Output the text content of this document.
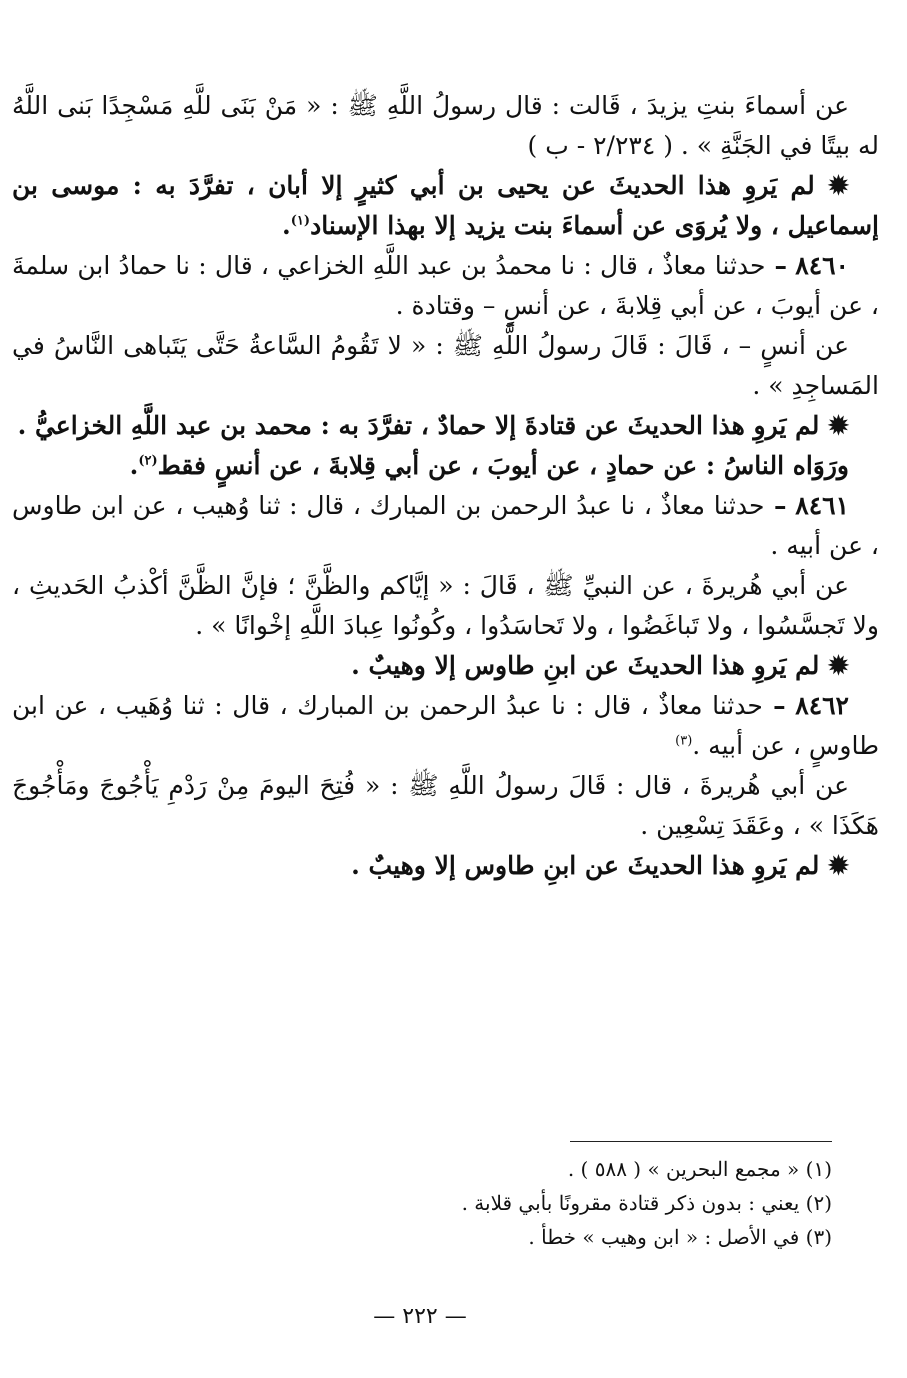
عن أسماءَ بنتِ يزيدَ ، قَالت : قال رسولُ اللَّهِ ﷺ : « مَنْ بَنَى للَّهِ مَسْجِدًا بَنى اللَّهُ له بيتًا في الجَنَّةِ » . ( ٢/٢٣٤ - ب )

✹ لم يَروِ هذا الحديثَ عن يحيى بن أبي كثيرٍ إلا أبان ، تفرَّدَ به : موسى بن إسماعيل ، ولا يُروَى عن أسماءَ بنت يزيد إلا بهذا الإسناد$^{(١)}$.

٨٤٦٠ – حدثنا معاذٌ ، قال : نا محمدُ بن عبد اللَّهِ الخزاعي ، قال : نا حمادُ ابن سلمةَ ، عن أيوبَ ، عن أبي قِلابةَ ، عن أنسٍ – وقتادة .

عن أنسٍ – ، قَالَ : قَالَ رسولُ اللَّهِ ﷺ : « لا تَقُومُ السَّاعةُ حَتَّى يَتَباهى النَّاسُ في المَساجِدِ » .

✹ لم يَروِ هذا الحديثَ عن قتادةَ إلا حمادٌ ، تفرَّدَ به : محمد بن عبد اللَّهِ الخزاعيُّ .

ورَوَاه الناسُ : عن حمادٍ ، عن أيوبَ ، عن أبي قِلابةَ ، عن أنسٍ فقط$^{(٢)}$.

٨٤٦١ – حدثنا معاذٌ ، نا عبدُ الرحمن بن المبارك ، قال : ثنا وُهيب ، عن ابن طاوس ، عن أبيه .

عن أبي هُريرةَ ، عن النبيِّ ﷺ ، قَالَ : « إيَّاكم والظَّنَّ ؛ فإنَّ الظَّنَّ أكْذبُ الحَديثِ ، ولا تَجسَّسُوا ، ولا تَباغَضُوا ، ولا تَحاسَدُوا ، وكُونُوا عِبادَ اللَّهِ إخْوانًا » .

✹ لم يَروِ هذا الحديثَ عن ابنِ طاوس إلا وهيبٌ .

٨٤٦٢ – حدثنا معاذٌ ، قال : نا عبدُ الرحمن بن المبارك ، قال : ثنا وُهَيب ، عن ابن طاوسٍ ، عن أبيه .$^{(٣)}$

عن أبي هُريرةَ ، قال : قَالَ رسولُ اللَّهِ ﷺ : « فُتِحَ اليومَ مِنْ رَدْمِ يَأْجُوجَ ومَأْجُوجَ هَكَذَا » ، وعَقَدَ تِسْعِين .

✹ لم يَروِ هذا الحديثَ عن ابنِ طاوس إلا وهيبٌ .

(١) « مجمع البحرين » ( ٥٨٨ ) .

(٢) يعني : بدون ذكر قتادة مقرونًا بأبي قلابة .

(٣) في الأصل : « ابن وهيب » خطأ .

— ٢٢٢ —
